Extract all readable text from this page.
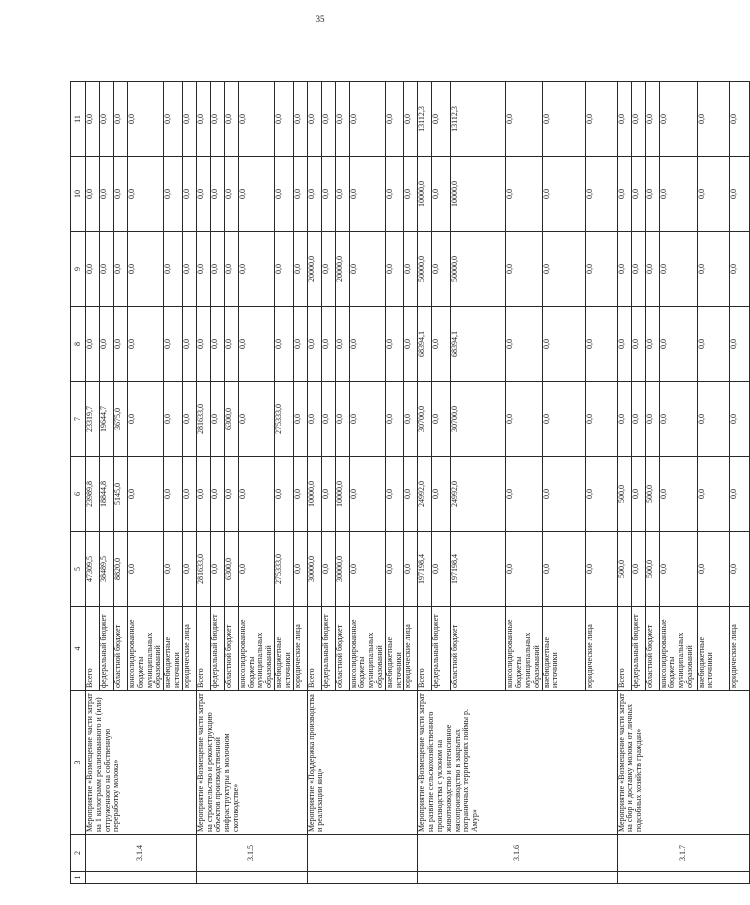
35
1	2	3	4	5	6	7	8	9	10	11	
	3.1.4	Мероприятие «Возмещение части затрат на 1 килограмм реализованного и (или) отгруженного на собственную переработку молока»	Всего	47309,5	23989,8	23319,7	0,0	0,0	0,0	0,0	
			федеральный бюджет	38489,5	18844,8	19644,7	0,0	0,0	0,0	0,0	
			областной бюджет	8820,0	5145,0	3675,0	0,0	0,0	0,0	0,0	
			консолидированные бюджеты муниципальных образований	0,0	0,0	0,0	0,0	0,0	0,0	0,0	
			внебюджетные источники	0,0	0,0	0,0	0,0	0,0	0,0	0,0	
			юридические лица	0,0	0,0	0,0	0,0	0,0	0,0	0,0	
	3.1.5	Мероприятие «Возмещение части затрат на строительство и реконструкцию объектов производственной инфраструктуры в молочном скотоводстве»	Всего	281633,0	0,0	281633,0	0,0	0,0	0,0	0,0	
			федеральный бюджет	0,0	0,0	0,0	0,0	0,0	0,0	0,0	
			областной бюджет	6300,0	0,0	6300,0	0,0	0,0	0,0	0,0	
			консолидированные бюджеты муниципальных образований	0,0	0,0	0,0	0,0	0,0	0,0	0,0	
			внебюджетные источники	275333,0	0,0	275333,0	0,0	0,0	0,0	0,0	
			юридические лица	0,0	0,0	0,0	0,0	0,0	0,0	0,0	
		Мероприятие «Поддержка производства и реализации яиц»	Всего	30000,0	10000,0	0,0	0,0	20000,0	0,0	0,0	
			федеральный бюджет	0,0	0,0	0,0	0,0	0,0	0,0	0,0	
			областной бюджет	30000,0	10000,0	0,0	0,0	20000,0	0,0	0,0	
			консолидированные бюджеты муниципальных образований	0,0	0,0	0,0	0,0	0,0	0,0	0,0	
			внебюджетные источники	0,0	0,0	0,0	0,0	0,0	0,0	0,0	
			юридические лица	0,0	0,0	0,0	0,0	0,0	0,0	0,0	
	3.1.6	Мероприятие «Возмещение части затрат на развитие сельскохозяйственного производства с уклоном на животноводство и интенсивное мясопроизводство в закрытых пограничных территориях поймы р. Амур»	Всего	197198,4	24992,0	30700,0	68394,1	50000,0	10000,0	13112,3	
			федеральный бюджет	0,0	0,0	0,0	0,0	0,0	0,0	0,0	
			областной бюджет	197198,4	24992,0	30700,0	68394,1	50000,0	10000,0	13112,3	
			консолидированные бюджеты муниципальных образований	0,0	0,0	0,0	0,0	0,0	0,0	0,0	
			внебюджетные источники	0,0	0,0	0,0	0,0	0,0	0,0	0,0	
			юридические лица	0,0	0,0	0,0	0,0	0,0	0,0	0,0	
	3.1.7	Мероприятие «Возмещение части затрат на сбор и доставку молока от личных подсобных хозяйств граждан»	Всего	500,0	500,0	0,0	0,0	0,0	0,0	0,0	
			федеральный бюджет	0,0	0,0	0,0	0,0	0,0	0,0	0,0	
			областной бюджет	500,0	500,0	0,0	0,0	0,0	0,0	0,0	
			консолидированные бюджеты муниципальных образований	0,0	0,0	0,0	0,0	0,0	0,0	0,0	
			внебюджетные источники	0,0	0,0	0,0	0,0	0,0	0,0	0,0	
			юридические лица	0,0	0,0	0,0	0,0	0,0	0,0	0,0	
